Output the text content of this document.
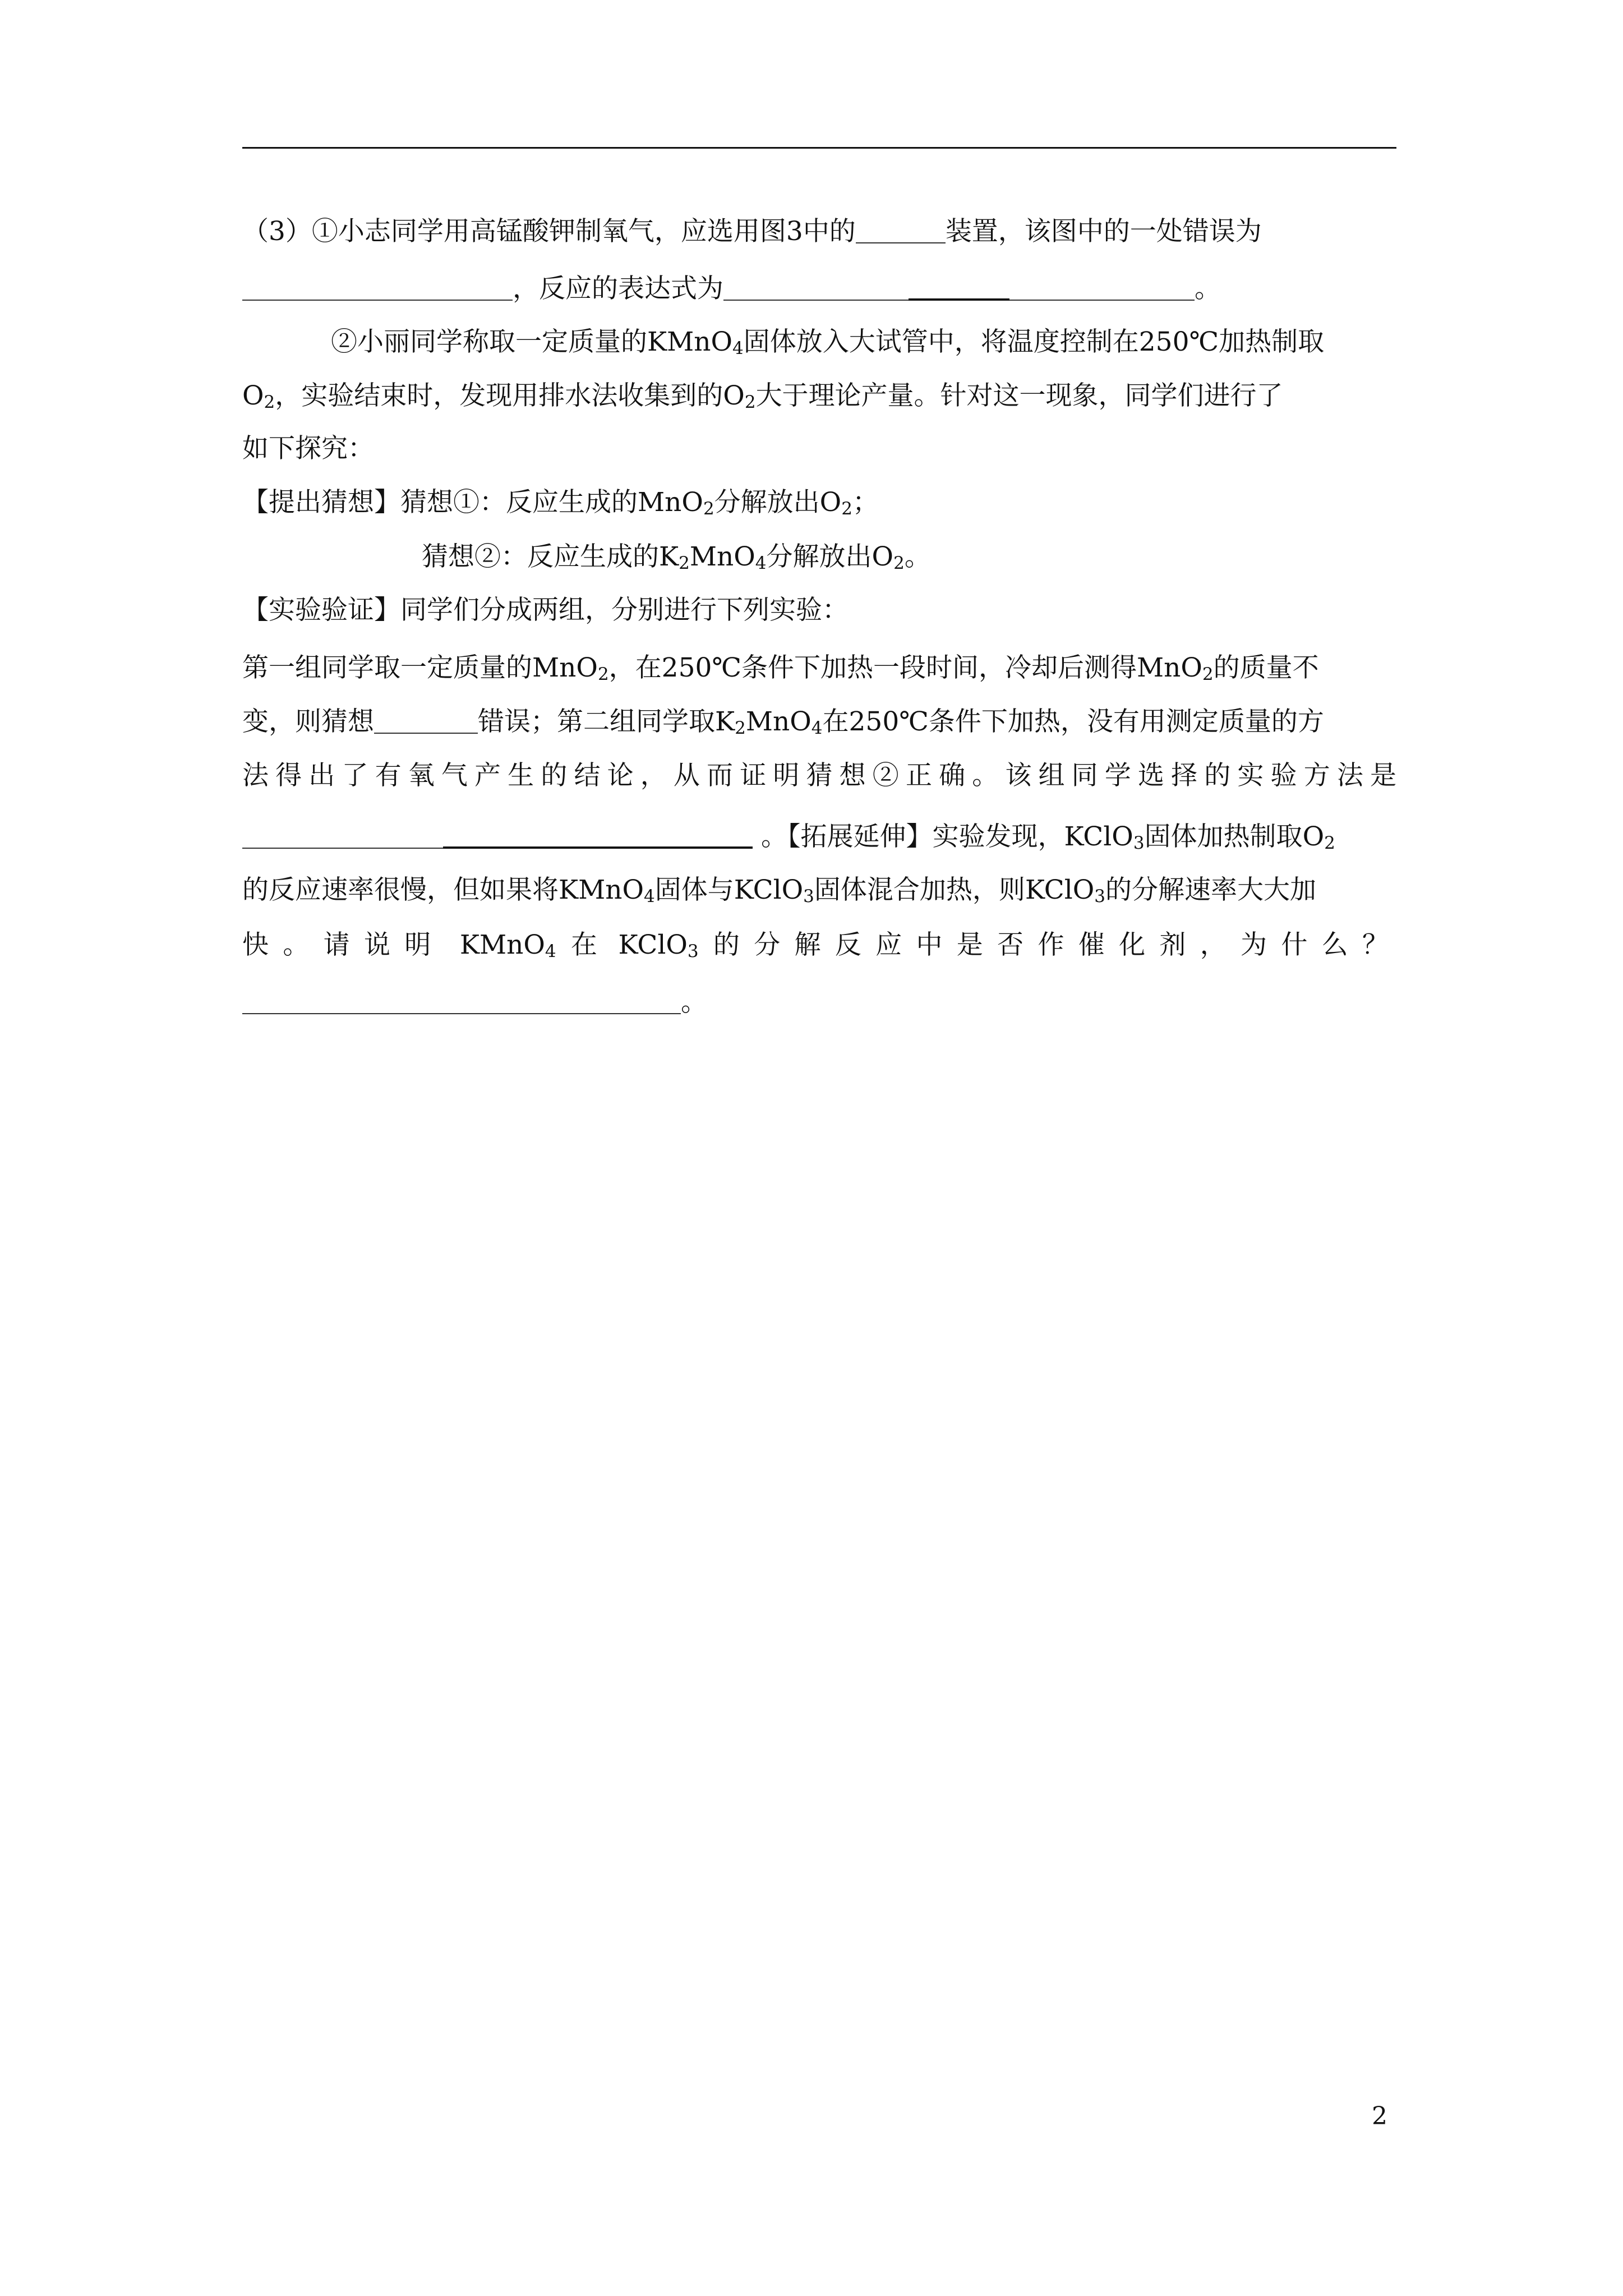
（3）①小志同学用高锰酸钾制氧气，应选用图3中的	装置，该图中的一处错误为
，反应的表达式为	。
②小丽同学称取一定质量的KMnO$_4$固体放入大试管中，将温度控制在250℃加热制取
$O_2$，实验结束时，发现用排水法收集到的$O_2$大于理论产量。针对这一现象，同学们进行了
如下探究：
【提出猜想】猜想①：反应生成的MnO$_2$分解放出$O_2$；
猜想②：反应生成的$K_2MnO_4$分解放出$O_2$。
【实验验证】同学们分成两组，分别进行下列实验：
第一组同学取一定质量的MnO$_2$，在250℃条件下加热一段时间，冷却后测得MnO$_2$的质量不
变，则猜想	错误；第二组同学取$K_2MnO_4$在250℃条件下加热，没有用测定质量的方
法得出了有氧气产生的结论，从而证明猜想②正确。该组同学选择的实验方法是
。【拓展延伸】实验发现，KClO$_3$固体加热制取$O_2$
的反应速率很慢，但如果将KMnO$_4$固体与KClO$_3$固体混合加热，则KClO$_3$的分解速率大大加
快。请说明 KMnO$_4$ 在 KClO$_3$ 的分解反应中是否作催化剂，为什么？
。
2
